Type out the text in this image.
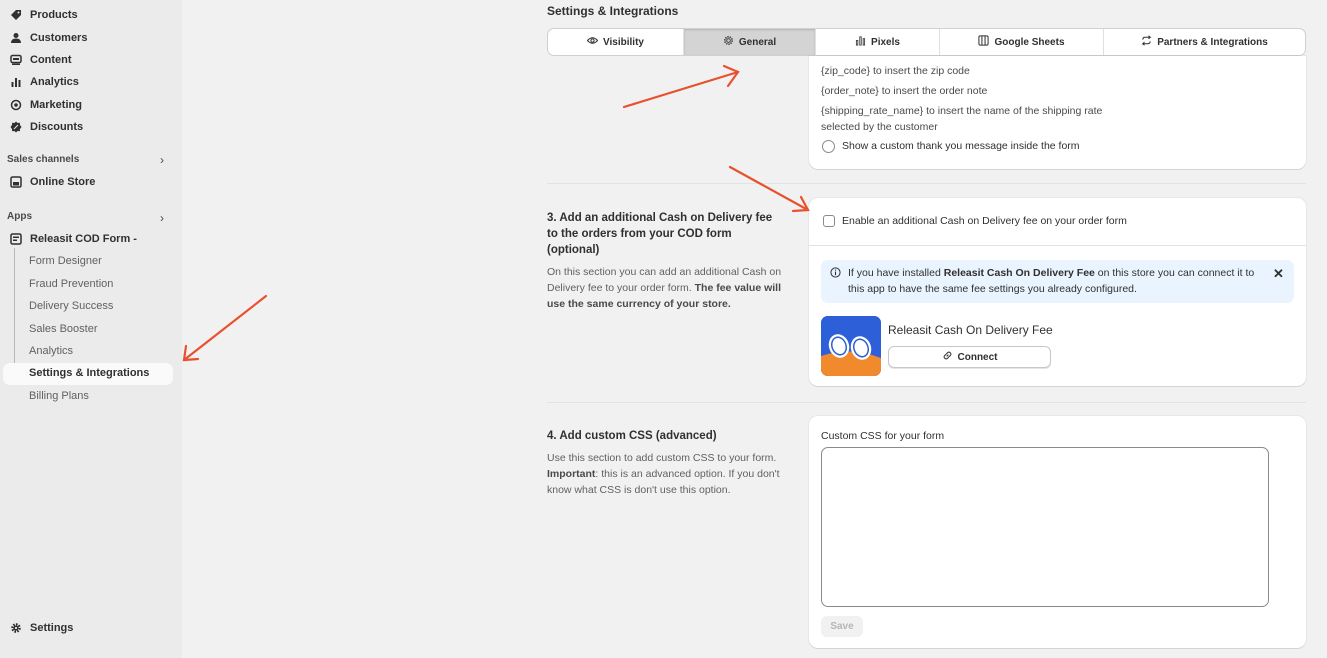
Products
Customers
Content
Analytics
Marketing
Discounts
Sales channels	›
Online Store
Apps	›
Releasit COD Form -
Form Designer
Fraud Prevention
Delivery Success
Sales Booster
Analytics
Settings & Integrations
Billing Plans
Settings
Settings & Integrations
Visibility	General	Pixels	Google Sheets	Partners & Integrations
{zip_code} to insert the zip code
{order_note} to insert the order note
{shipping_rate_name} to insert the name of the shipping rate
selected by the customer
Show a custom thank you message inside the form
3. Add an additional Cash on Delivery fee to the orders from your COD form (optional)
On this section you can add an additional Cash on Delivery fee to your order form. The fee value will use the same currency of your store.
Enable an additional Cash on Delivery fee on your order form
If you have installed Releasit Cash On Delivery Fee on this store you can connect it to this app to have the same fee settings you already configured.
✕
Releasit Cash On Delivery Fee
Connect
4. Add custom CSS (advanced)
Use this section to add custom CSS to your form. Important: this is an advanced option. If you don't know what CSS is don't use this option.
Custom CSS for your form
Save
